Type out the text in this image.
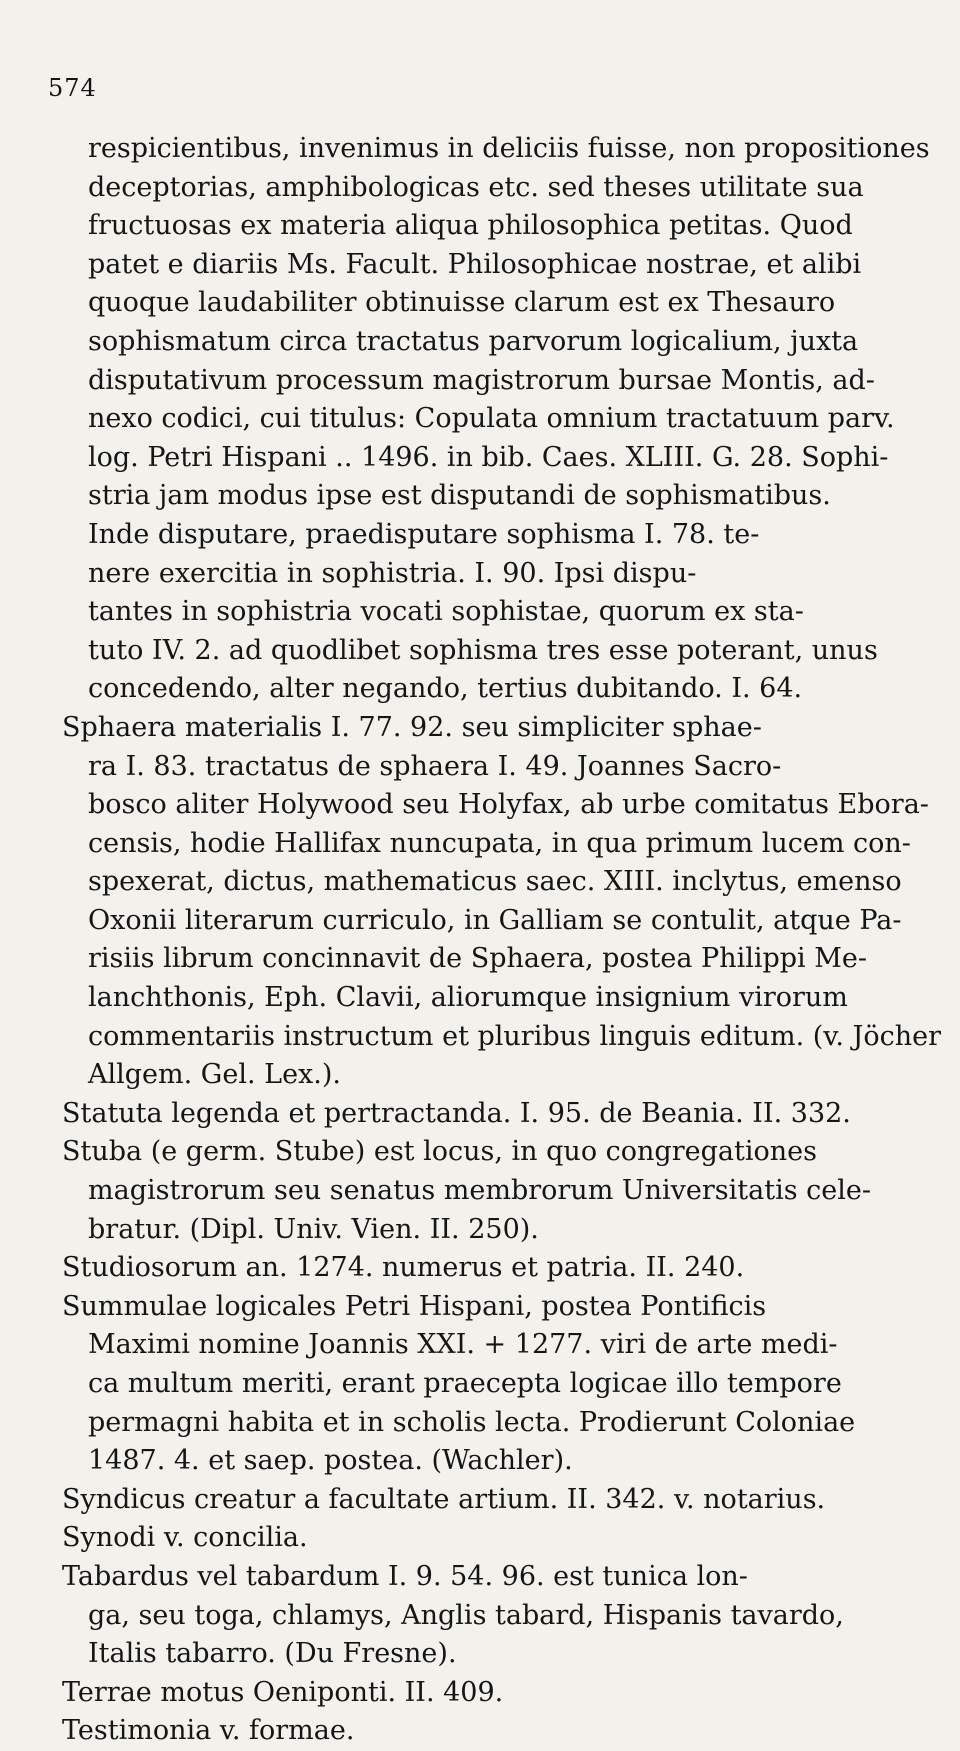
574
respicientibus, invenimus in deliciis fuisse, non propositiones
deceptorias, amphibologicas etc. sed theses utilitate sua
fructuosas ex materia aliqua philosophica petitas. Quod
patet e diariis Ms. Facult. Philosophicae nostrae, et alibi
quoque laudabiliter obtinuisse clarum est ex Thesauro
sophismatum circa tractatus parvorum logicalium, juxta
disputativum processum magistrorum bursae Montis, ad-
nexo codici, cui titulus: Copulata omnium tractatuum parv.
log. Petri Hispani .. 1496. in bib. Caes. XLIII. G. 28. Sophi-
stria jam modus ipse est disputandi de sophismatibus.
Inde disputare, praedisputare sophisma I. 78. te-
nere exercitia in sophistria. I. 90. Ipsi dispu-
tantes in sophistria vocati sophistae, quorum ex sta-
tuto IV. 2. ad quodlibet sophisma tres esse poterant, unus
concedendo, alter negando, tertius dubitando. I. 64.
Sphaera materialis I. 77. 92. seu simpliciter sphae-
ra I. 83. tractatus de sphaera I. 49. Joannes Sacro-
bosco aliter Holywood seu Holyfax, ab urbe comitatus Ebora-
censis, hodie Hallifax nuncupata, in qua primum lucem con-
spexerat, dictus, mathematicus saec. XIII. inclytus, emenso
Oxonii literarum curriculo, in Galliam se contulit, atque Pa-
risiis librum concinnavit de Sphaera, postea Philippi Me-
lanchthonis, Eph. Clavii, aliorumque insignium virorum
commentariis instructum et pluribus linguis editum. (v. Jöcher
Allgem. Gel. Lex.).
Statuta legenda et pertractanda. I. 95. de Beania. II. 332.
Stuba (e germ. Stube) est locus, in quo congregationes
magistrorum seu senatus membrorum Universitatis cele-
bratur. (Dipl. Univ. Vien. II. 250).
Studiosorum an. 1274. numerus et patria. II. 240.
Summulae logicales Petri Hispani, postea Pontificis
Maximi nomine Joannis XXI. + 1277. viri de arte medi-
ca multum meriti, erant praecepta logicae illo tempore
permagni habita et in scholis lecta. Prodierunt Coloniae
1487. 4. et saep. postea. (Wachler).
Syndicus creatur a facultate artium. II. 342. v. notarius.
Synodi v. concilia.
Tabardus vel tabardum I. 9. 54. 96. est tunica lon-
ga, seu toga, chlamys, Anglis tabard, Hispanis tavardo,
Italis tabarro. (Du Fresne).
Terrae motus Oeniponti. II. 409.
Testimonia v. formae.
